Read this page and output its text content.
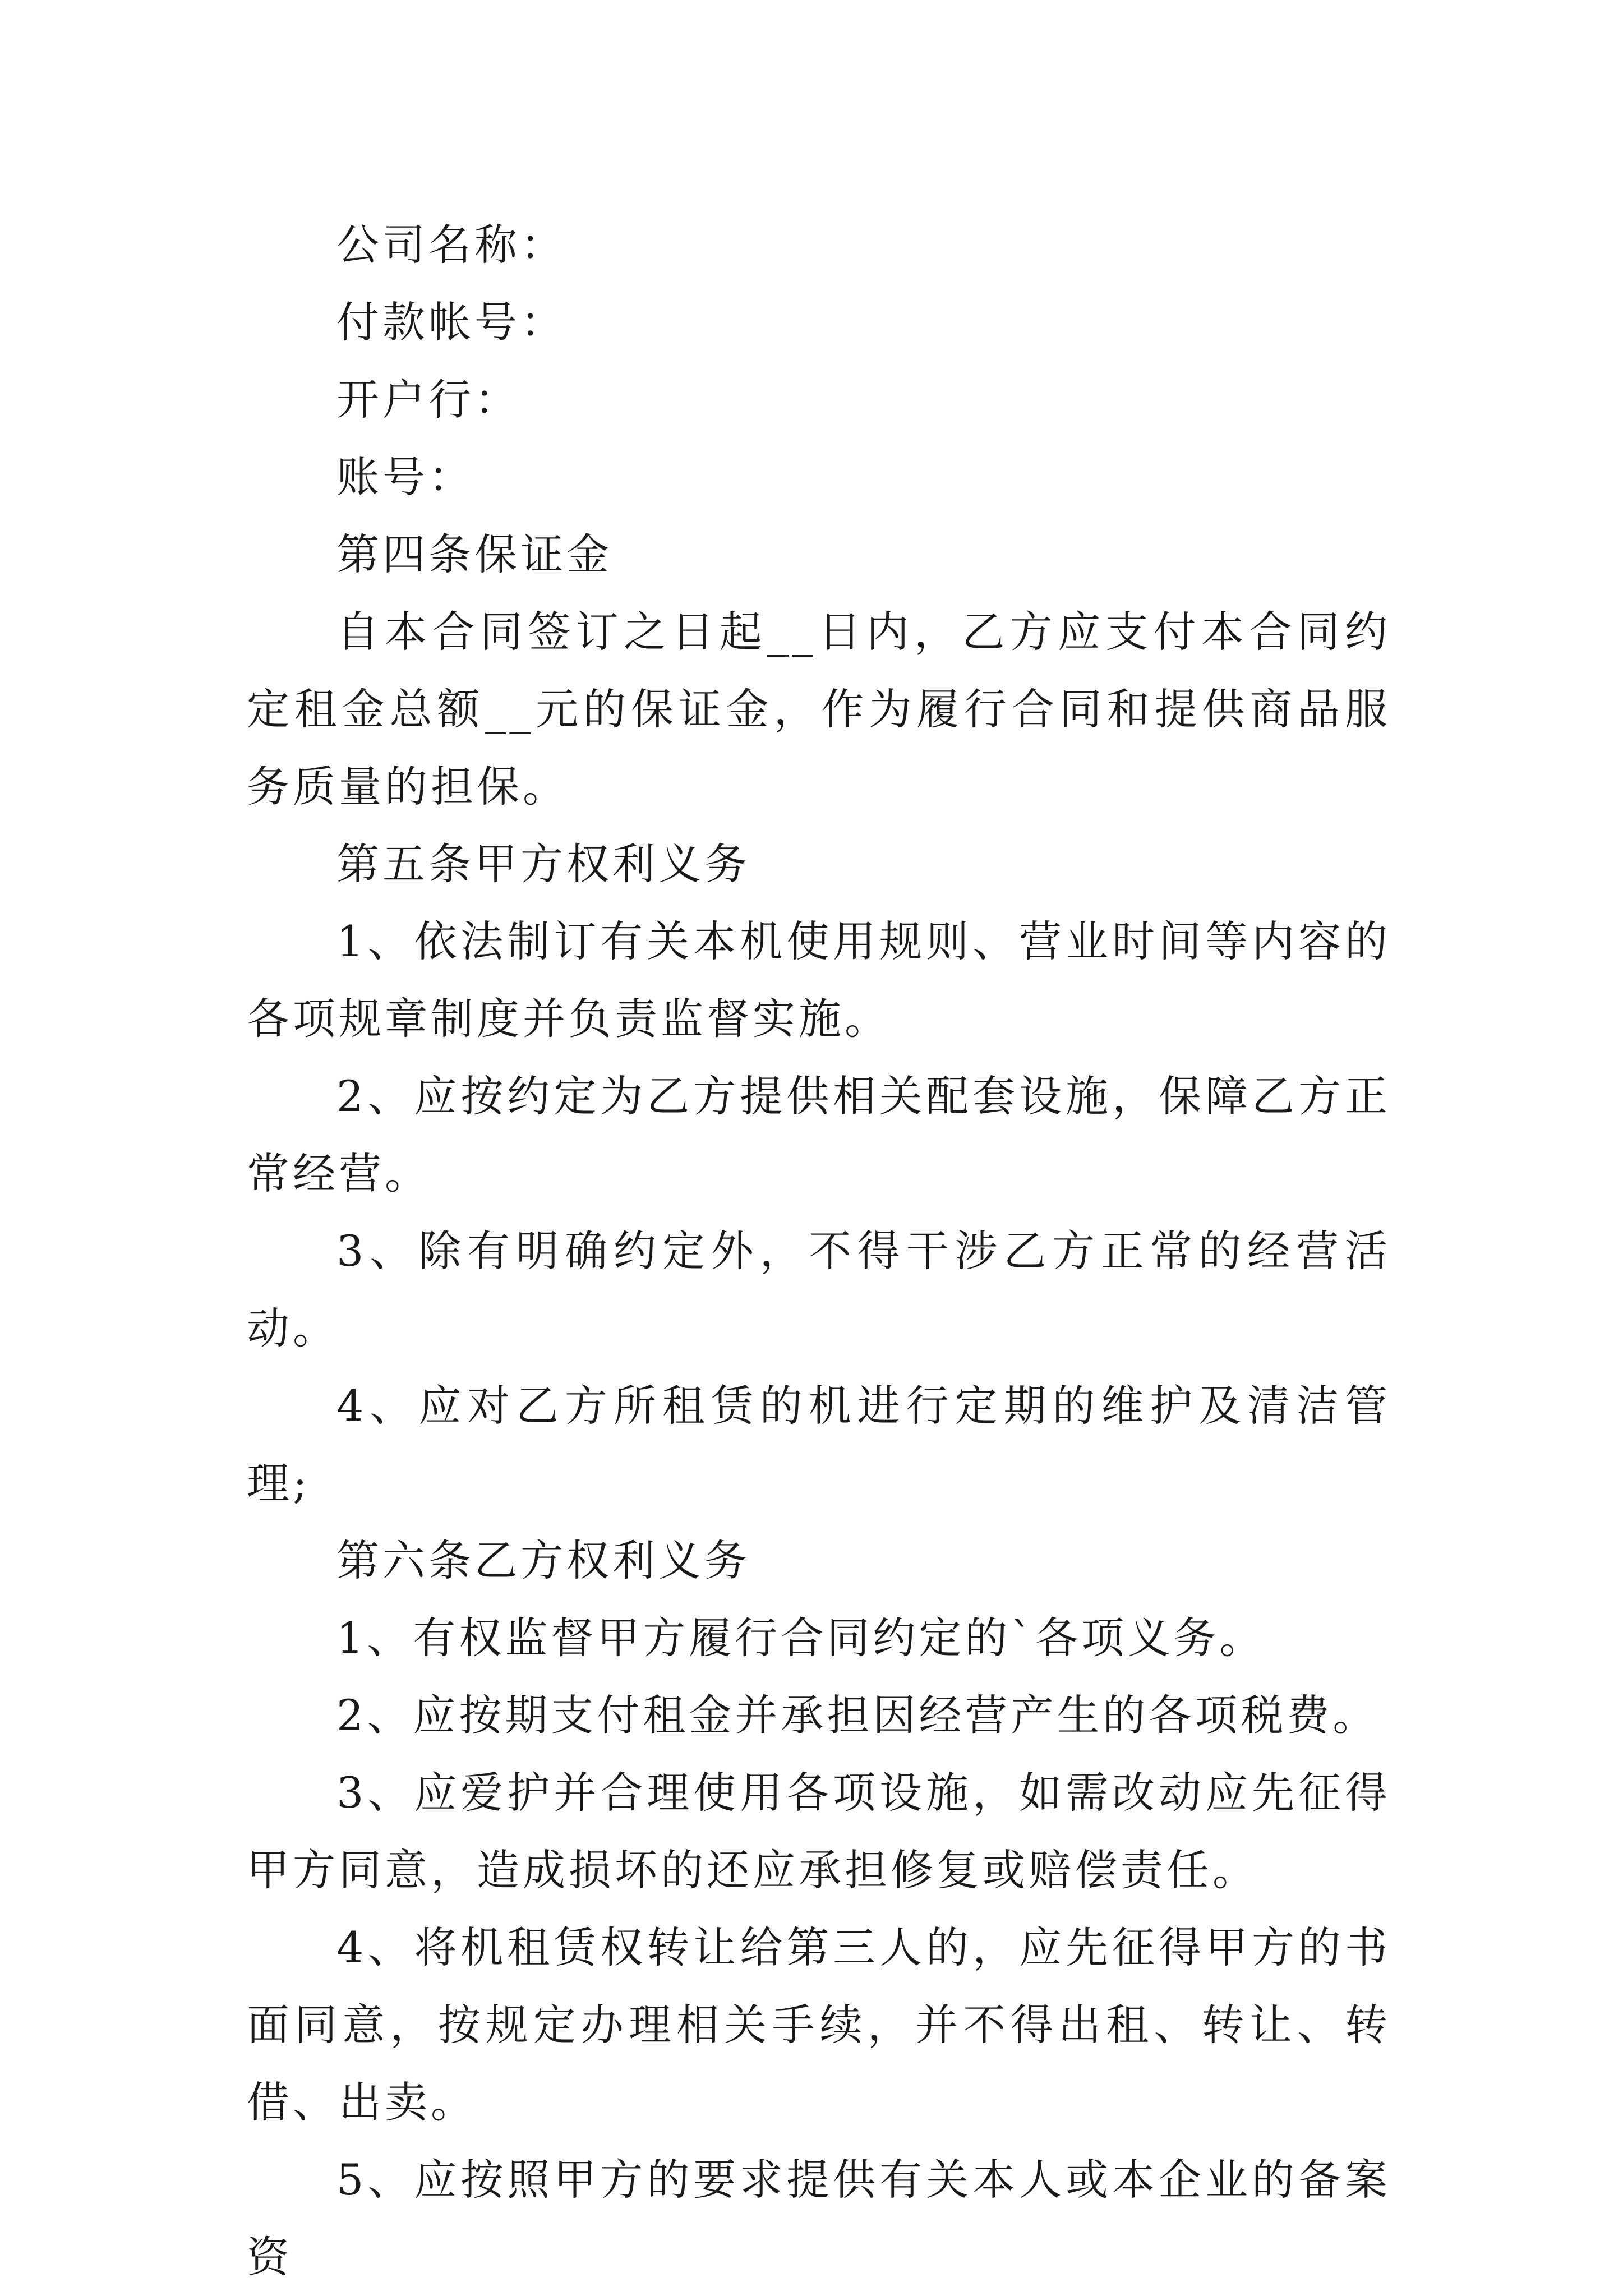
公司名称：

付款帐号：

开户行：

账号：

第四条保证金

自本合同签订之日起__日内，乙方应支付本合同约定租金总额__元的保证金，作为履行合同和提供商品服务质量的担保。

第五条甲方权利义务

1、依法制订有关本机使用规则、营业时间等内容的各项规章制度并负责监督实施。

2、应按约定为乙方提供相关配套设施，保障乙方正常经营。

3、除有明确约定外，不得干涉乙方正常的经营活动。

4、应对乙方所租赁的机进行定期的维护及清洁管理;

第六条乙方权利义务

1、有权监督甲方履行合同约定的`各项义务。

2、应按期支付租金并承担因经营产生的各项税费。

3、应爱护并合理使用各项设施，如需改动应先征得甲方同意，造成损坏的还应承担修复或赔偿责任。

4、将机租赁权转让给第三人的，应先征得甲方的书面同意，按规定办理相关手续，并不得出租、转让、转借、出卖。

5、应按照甲方的要求提供有关本人或本企业的备案资
